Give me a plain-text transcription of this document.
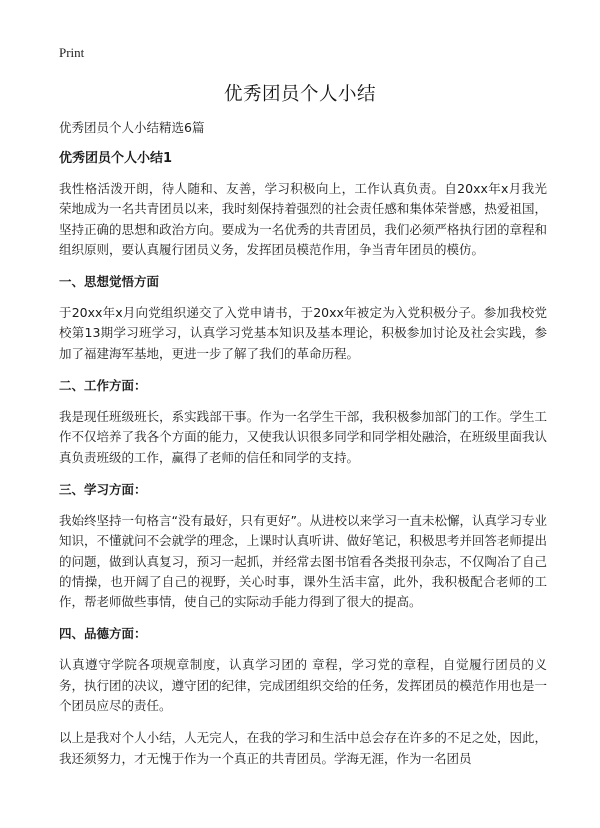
Print
优秀团员个人小结

优秀团员个人小结精选6篇

优秀团员个人小结1

我性格活泼开朗，待人随和、友善，学习积极向上，工作认真负责。自20xx年x月我光荣地成为一名共青团员以来，我时刻保持着强烈的社会责任感和集体荣誉感，热爱祖国，坚持正确的思想和政治方向。要成为一名优秀的共青团员，我们必须严格执行团的章程和组织原则，要认真履行团员义务，发挥团员模范作用，争当青年团员的模仿。

一、思想觉悟方面

于20xx年x月向党组织递交了入党申请书，于20xx年被定为入党积极分子。参加我校党校第13期学习班学习，认真学习党基本知识及基本理论，积极参加讨论及社会实践，参加了福建海军基地，更进一步了解了我们的革命历程。

二、工作方面：

我是现任班级班长，系实践部干事。作为一名学生干部，我积极参加部门的工作。学生工作不仅培养了我各个方面的能力，又使我认识很多同学和同学相处融洽，在班级里面我认真负责班级的工作，赢得了老师的信任和同学的支持。

三、学习方面：

我始终坚持一句格言“没有最好，只有更好”。从进校以来学习一直未松懈，认真学习专业知识，不懂就问不会就学的理念，上课时认真听讲、做好笔记，积极思考并回答老师提出的问题，做到认真复习，预习一起抓，并经常去图书馆看各类报刊杂志，不仅陶冶了自己的情操，也开阔了自己的视野，关心时事，课外生活丰富，此外，我积极配合老师的工作，帮老师做些事情，使自己的实际动手能力得到了很大的提高。

四、品德方面：

认真遵守学院各项规章制度，认真学习团的 章程，学习党的章程，自觉履行团员的义务，执行团的决议，遵守团的纪律，完成团组织交给的任务，发挥团员的模范作用也是一个团员应尽的责任。

以上是我对个人小结，人无完人，在我的学习和生活中总会存在许多的不足之处，因此，我还须努力，才无愧于作为一个真正的共青团员。学海无涯，作为一名团员
